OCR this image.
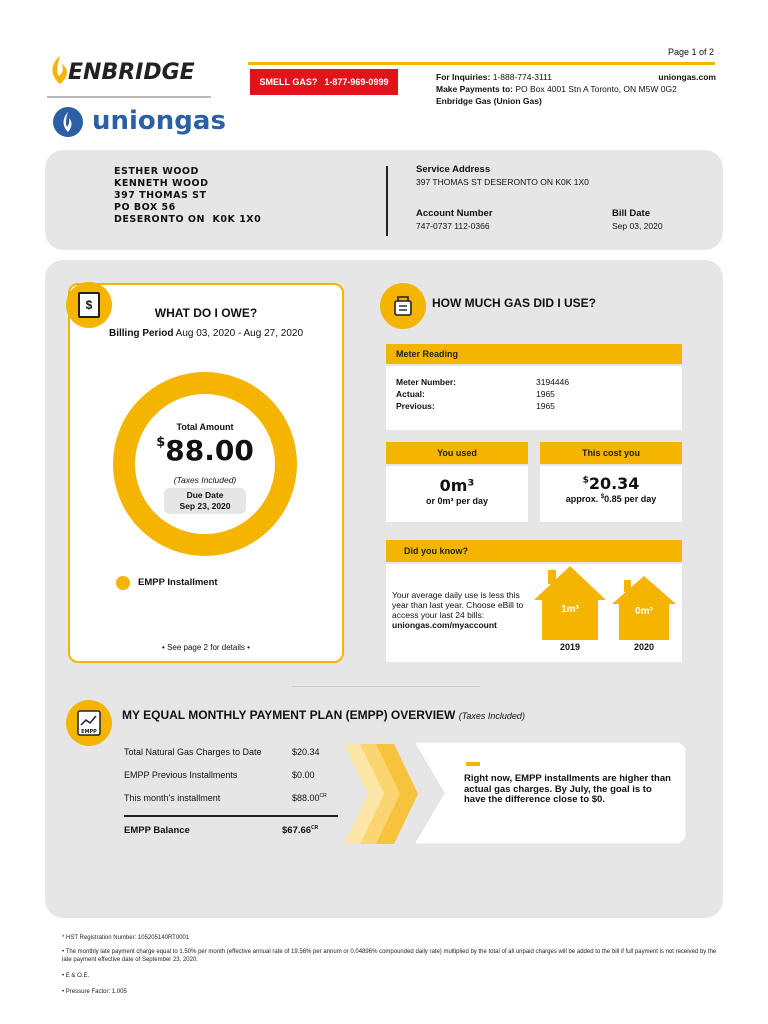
Page 1 of 2
ENBRIDGE
uniongas
SMELL GAS? 1-877-969-0999	For Inquiries: 1-888-774-3111	uniongas.com
Make Payments to: PO Box 4001 Stn A Toronto, ON M5W 0G2
Enbridge Gas (Union Gas)
ESTHER WOOD
KENNETH WOOD
397 THOMAS ST
PO BOX 56
DESERONTO ON  K0K 1X0
Service Address
397 THOMAS ST DESERONTO ON K0K 1X0
Account Number
747-0737 112-0366
Bill Date
Sep 03, 2020
$
WHAT DO I OWE?
Billing Period Aug 03, 2020 - Aug 27, 2020
Total Amount
$88.00
(Taxes Included)
Due Date
Sep 23, 2020
EMPP Installment
• See page 2 for details •
HOW MUCH GAS DID I USE?
Meter Reading
Meter Number:	3194446
Actual:	1965
Previous:	1965
You used
0m³
or 0m³ per day
This cost you
$20.34
approx. $0.85 per day
Did you know?
Your average daily use is less this year than last year. Choose eBill to access your last 24 bills:
uniongas.com/myaccount
1m³
2019
0m³
2020
EMPP
MY EQUAL MONTHLY PAYMENT PLAN (EMPP) OVERVIEW (Taxes Included)
Total Natural Gas Charges to Date	$20.34
EMPP Previous Installments	$0.00
This month's installment	$\$88.00^{CR}$
EMPP Balance	$\$67.66^{CR}$
Right now, EMPP installments are higher than actual gas charges. By July, the goal is to have the difference close to $0.
* HST Registration Number: 105205140RT0001
• The monthly late payment charge equal to 1.50% per month (effective annual rate of 19.56% per annum or 0.04896% compounded daily rate) multiplied by the total of all unpaid charges will be added to the bill if full payment is not received by the late payment effective date of September 23, 2020.
• E & O.E.
• Pressure Factor: 1.005
